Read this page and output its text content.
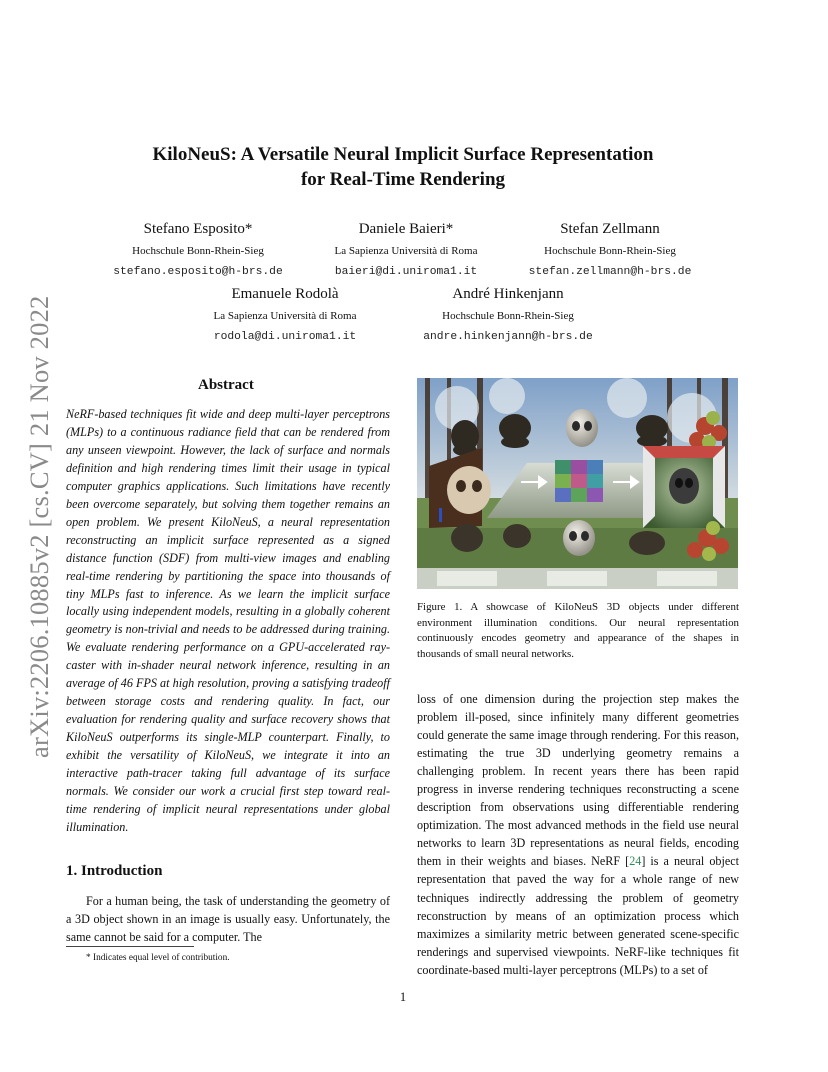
arXiv:2206.10885v2 [cs.CV] 21 Nov 2022
KiloNeuS: A Versatile Neural Implicit Surface Representation
for Real-Time Rendering
Stefano Esposito*
Hochschule Bonn-Rhein-Sieg
stefano.esposito@h-brs.de
Daniele Baieri*
La Sapienza Università di Roma
baieri@di.uniroma1.it
Stefan Zellmann
Hochschule Bonn-Rhein-Sieg
stefan.zellmann@h-brs.de
Emanuele Rodolà
La Sapienza Università di Roma
rodola@di.uniroma1.it
André Hinkenjann
Hochschule Bonn-Rhein-Sieg
andre.hinkenjann@h-brs.de
Abstract
NeRF-based techniques fit wide and deep multi-layer perceptrons (MLPs) to a continuous radiance field that can be rendered from any unseen viewpoint. However, the lack of surface and normals definition and high rendering times limit their usage in typical computer graphics applications. Such limitations have recently been overcome separately, but solving them together remains an open problem. We present KiloNeuS, a neural representation reconstructing an implicit surface represented as a signed distance function (SDF) from multi-view images and enabling real-time rendering by partitioning the space into thousands of tiny MLPs fast to inference. As we learn the implicit surface locally using independent models, resulting in a globally coherent geometry is non-trivial and needs to be addressed during training. We evaluate rendering performance on a GPU-accelerated ray-caster with in-shader neural network inference, resulting in an average of 46 FPS at high resolution, proving a satisfying tradeoff between storage costs and rendering quality. In fact, our evaluation for rendering quality and surface recovery shows that KiloNeuS outperforms its single-MLP counterpart. Finally, to exhibit the versatility of KiloNeuS, we integrate it into an interactive path-tracer taking full advantage of its surface normals. We consider our work a crucial first step toward real-time rendering of implicit neural representations under global illumination.
1. Introduction
For a human being, the task of understanding the geometry of a 3D object shown in an image is usually easy. Unfortunately, the same cannot be said for a computer. The
* Indicates equal level of contribution.
Figure 1. A showcase of KiloNeuS 3D objects under different environment illumination conditions. Our neural representation continuously encodes geometry and appearance of the shapes in thousands of small neural networks.
loss of one dimension during the projection step makes the problem ill-posed, since infinitely many different geometries could generate the same image through rendering. For this reason, estimating the true 3D underlying geometry remains a challenging problem. In recent years there has been rapid progress in inverse rendering techniques reconstructing a scene description from observations using differentiable rendering optimization. The most advanced methods in the field use neural networks to learn 3D representations as neural fields, encoding them in their weights and biases. NeRF [24] is a neural object representation that paved the way for a whole range of new techniques indirectly addressing the problem of geometry reconstruction by means of an optimization process which maximizes a similarity metric between generated scene-specific renderings and supervised viewpoints. NeRF-like techniques fit coordinate-based multi-layer perceptrons (MLPs) to a set of
1
